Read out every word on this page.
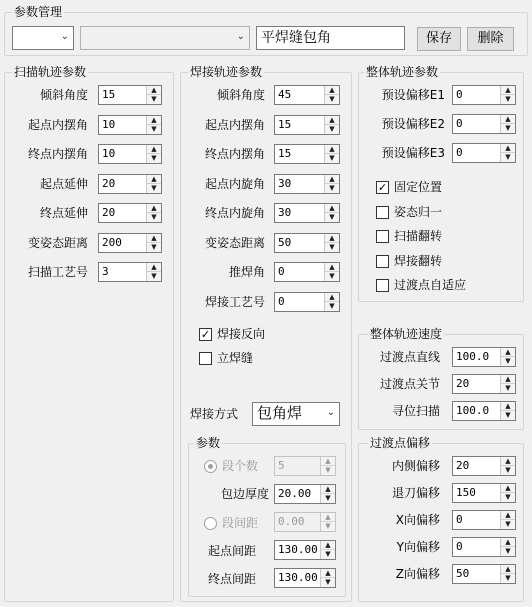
参数管理
⌄	⌄ 平焊缝包角	保存	删除
扫描轨迹参数	焊接轨迹参数	整体轨迹参数
整体轨迹速度
过渡点偏移
焊接方式 包角焊 ⌄
参数
段个数 5	▲
▼
包边厚度 20.00	▲
▼
段间距 0.00	▲
▼
起点间距 130.00	▲
▼
终点间距 130.00	▲
▼
倾斜角度 15	▲
▼
起点内摆角 10	▲
▼
终点内摆角 10	▲
▼
起点延伸 20	▲
▼
终点延伸 20	▲
▼
变姿态距离 200	▲
▼
扫描工艺号 3	▲
▼
倾斜角度 45	▲
▼
起点内摆角 15	▲
▼
终点内摆角 15	▲
▼
起点内旋角 30	▲
▼
终点内旋角 30	▲
▼
变姿态距离 50	▲
▼
推焊角 0	▲
▼
焊接工艺号 0	▲
▼
预设偏移E1 0	▲
▼
预设偏移E2 0	▲
▼
预设偏移E3 0	▲
▼
过渡点直线 100.0	▲
▼
过渡点关节 20	▲
▼
寻位扫描 100.0	▲
▼
内侧偏移 20	▲
▼
退刀偏移 150	▲
▼
X向偏移 0	▲
▼
Y向偏移 0	▲
▼
Z向偏移 50	▲
▼
✓ 焊接反向
立焊缝
✓ 固定位置
姿态归一
扫描翻转
焊接翻转
过渡点自适应
